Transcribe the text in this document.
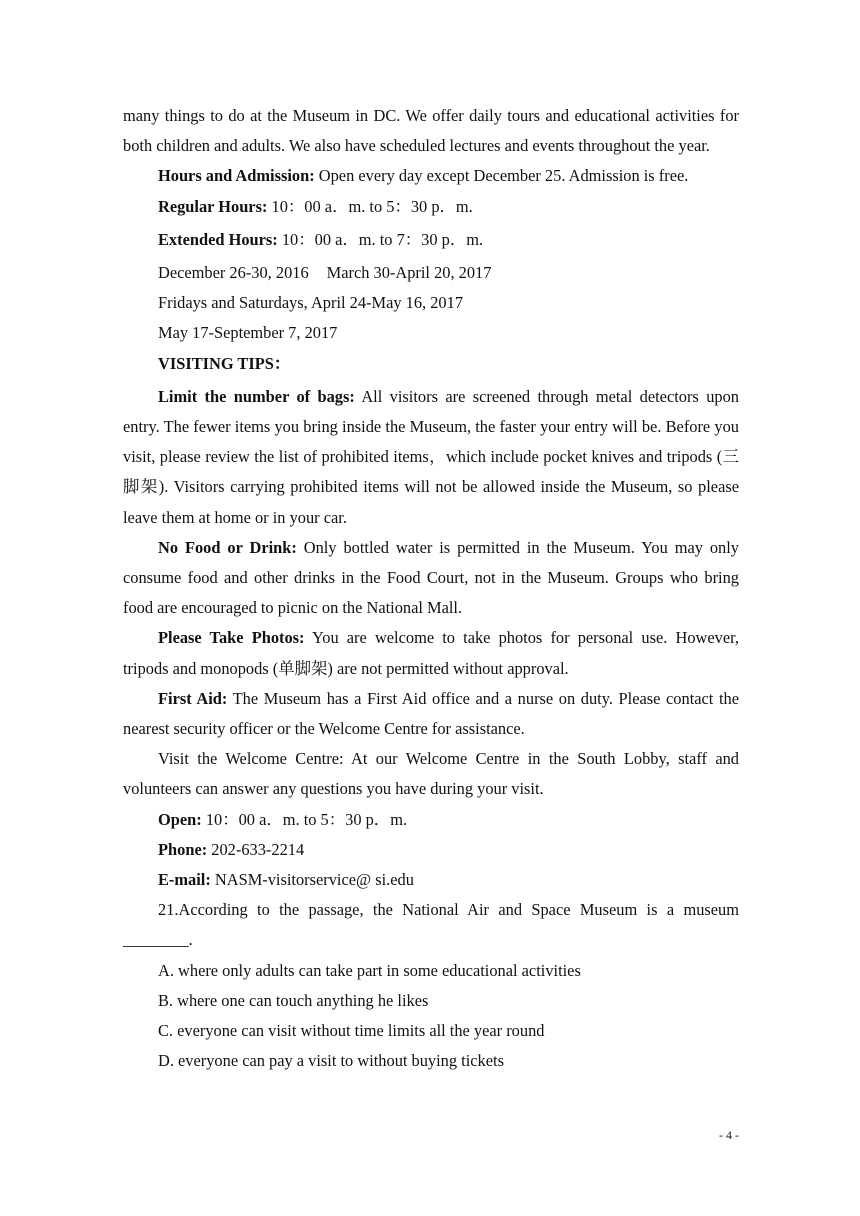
many things to do at the Museum in DC. We offer daily tours and educational activities for both children and adults. We also have scheduled lectures and events throughout the year.

Hours and Admission: Open every day except December 25. Admission is free.

Regular Hours: 10：00 a．m. to 5：30 p．m.

Extended Hours: 10：00 a．m. to 7：30 p．m.

December 26-30, 2016 March 30-April 20, 2017

Fridays and Saturdays, April 24-May 16, 2017

May 17-September 7, 2017

VISITING TIPS：

Limit the number of bags: All visitors are screened through metal detectors upon entry. The fewer items you bring inside the Museum, the faster your entry will be. Before you visit, please review the list of prohibited items，which include pocket knives and tripods (三脚架). Visitors carrying prohibited items will not be allowed inside the Museum, so please leave them at home or in your car.

No Food or Drink: Only bottled water is permitted in the Museum. You may only consume food and other drinks in the Food Court, not in the Museum. Groups who bring food are encouraged to picnic on the National Mall.

Please Take Photos: You are welcome to take photos for personal use. However, tripods and monopods (单脚架) are not permitted without approval.

First Aid: The Museum has a First Aid office and a nurse on duty. Please contact the nearest security officer or the Welcome Centre for assistance.

Visit the Welcome Centre: At our Welcome Centre in the South Lobby, staff and volunteers can answer any questions you have during your visit.

Open: 10：00 a．m. to 5：30 p．m.

Phone: 202-633-2214

E-mail: NASM-visitorservice@ si.edu

21.According to the passage, the National Air and Space Museum is a museum ________.

A. where only adults can take part in some educational activities

B. where one can touch anything he likes

C. everyone can visit without time limits all the year round

D. everyone can pay a visit to without buying tickets

- 4 -
